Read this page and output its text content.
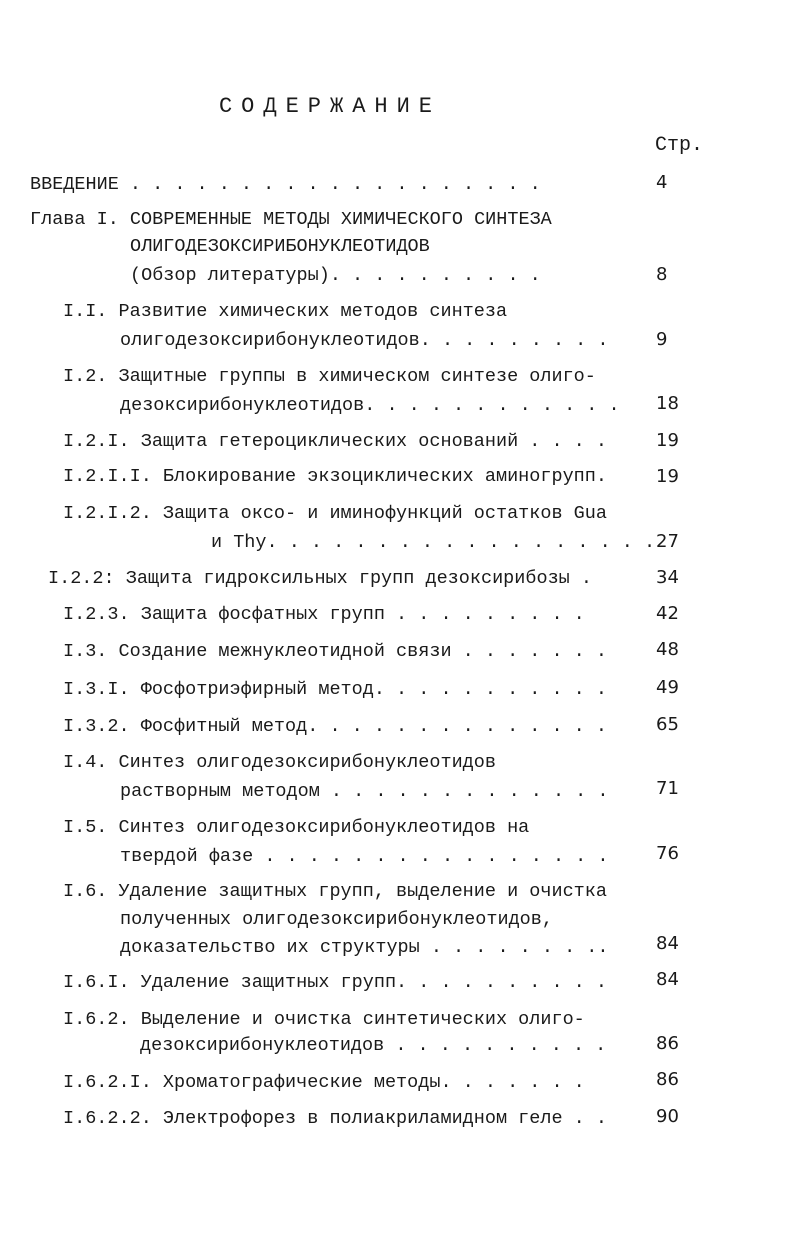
СОДЕРЖАНИЕ
Стр.
ВВЕДЕНИЕ . . . . . . . . . . . . . . . . . . .	4
Глава I. СОВРЕМЕННЫЕ МЕТОДЫ ХИМИЧЕСКОГО СИНТЕЗА
ОЛИГОДЕЗОКСИРИБОНУКЛЕОТИДОВ
(Обзор литературы). . . . . . . . . .	8
I.I. Развитие химических методов синтеза
олигодезоксирибонуклеотидов. . . . . . . . .	9
I.2. Защитные группы в химическом синтезе олиго-
дезоксирибонуклеотидов. . . . . . . . . . . . 18
I.2.I. Защита гетероциклических оснований . . . .	19
I.2.I.I. Блокирование экзоциклических аминогрупп.	19
I.2.I.2. Защита оксо- и иминофункций остатков Gua
и Thy. . . . . . . . . . . . . . . . . . 27
I.2.2: Защита гидроксильных групп дезоксирибозы .	34
I.2.3. Защита фосфатных групп . . . . . . . . .	42
I.3. Создание межнуклеотидной связи . . . . . . .	48
I.3.I. Фосфотриэфирный метод. . . . . . . . . . .	49
I.3.2. Фосфитный метод. . . . . . . . . . . . . .	65
I.4. Синтез олигодезоксирибонуклеотидов
растворным методом . . . . . . . . . . . . .	71
I.5. Синтез олигодезоксирибонуклеотидов на
твердой фазе . . . . . . . . . . . . . . . .	76
I.6. Удаление защитных групп, выделение и очистка
полученных олигодезоксирибонуклеотидов,
доказательство их структуры . . . . . . . ..	84
I.6.I. Удаление защитных групп. . . . . . . . . .	84
I.6.2. Выделение и очистка синтетических олиго-
дезоксирибонуклеотидов . . . . . . . . . .	86
I.6.2.I. Хроматографические методы. . . . . . .	86
I.6.2.2. Электрофорез в полиакриламидном геле . .	90
